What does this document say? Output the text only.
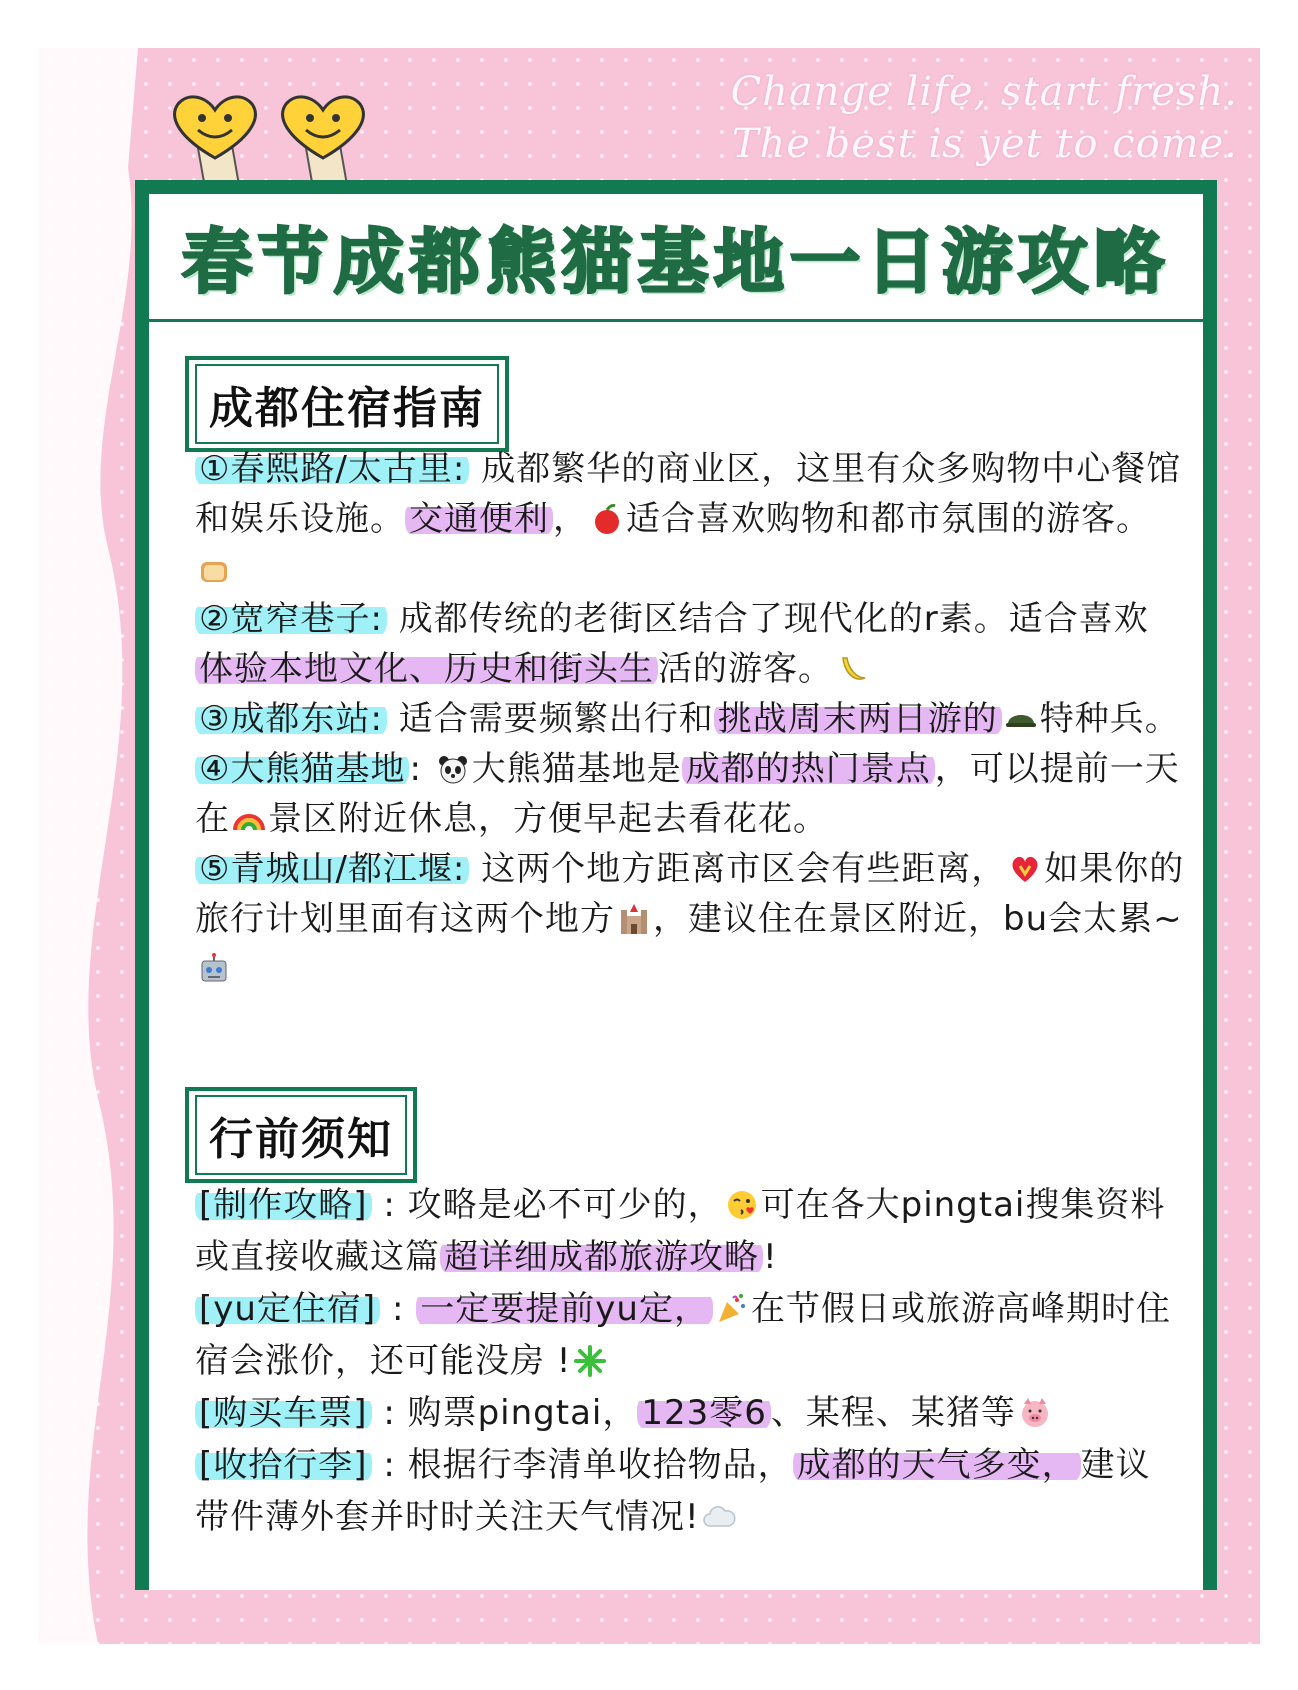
Change life, start fresh.
The best is yet to come.
春节成都熊猫基地一日游攻略
成都住宿指南
①春熙路/太古里: 成都繁华的商业区，这里有众多购物中心餐馆和娱乐设施。 交通便利 ， 适合喜欢购物和都市氛围的游客。
②宽窄巷子: 成都传统的老街区结合了现代化的r素。适合喜欢体验本地文化、历史和街头生 活的游客。
③成都东站: 适合需要频繁出行和 挑战周末两日游的 特种兵。
④大熊猫基地 : 大熊猫基地是 成都的热门景点 ，可以提前一天在 景区附近休息，方便早起去看花花。
⑤青城山/都江堰: 这两个地方距离市区会有些距离， 如果你的旅行计划里面有这两个地方 ，建议住在景区附近，bu会太累~
行前须知

[制作攻略] : 攻略是必不可少的， 可在各大pingtai搜集资料或直接收藏这篇 超详细成都旅游攻略 !

[yu定住宿] : 一定要提前yu定， 在节假日或旅游高峰期时住宿会涨价，还可能没房 !

[购买车票] : 购票pingtai， 123零6 、某程、某猪等

[收拾行李] : 根据行李清单收拾物品， 成都的天气多变， 建议带件薄外套并时时关注天气情况!
